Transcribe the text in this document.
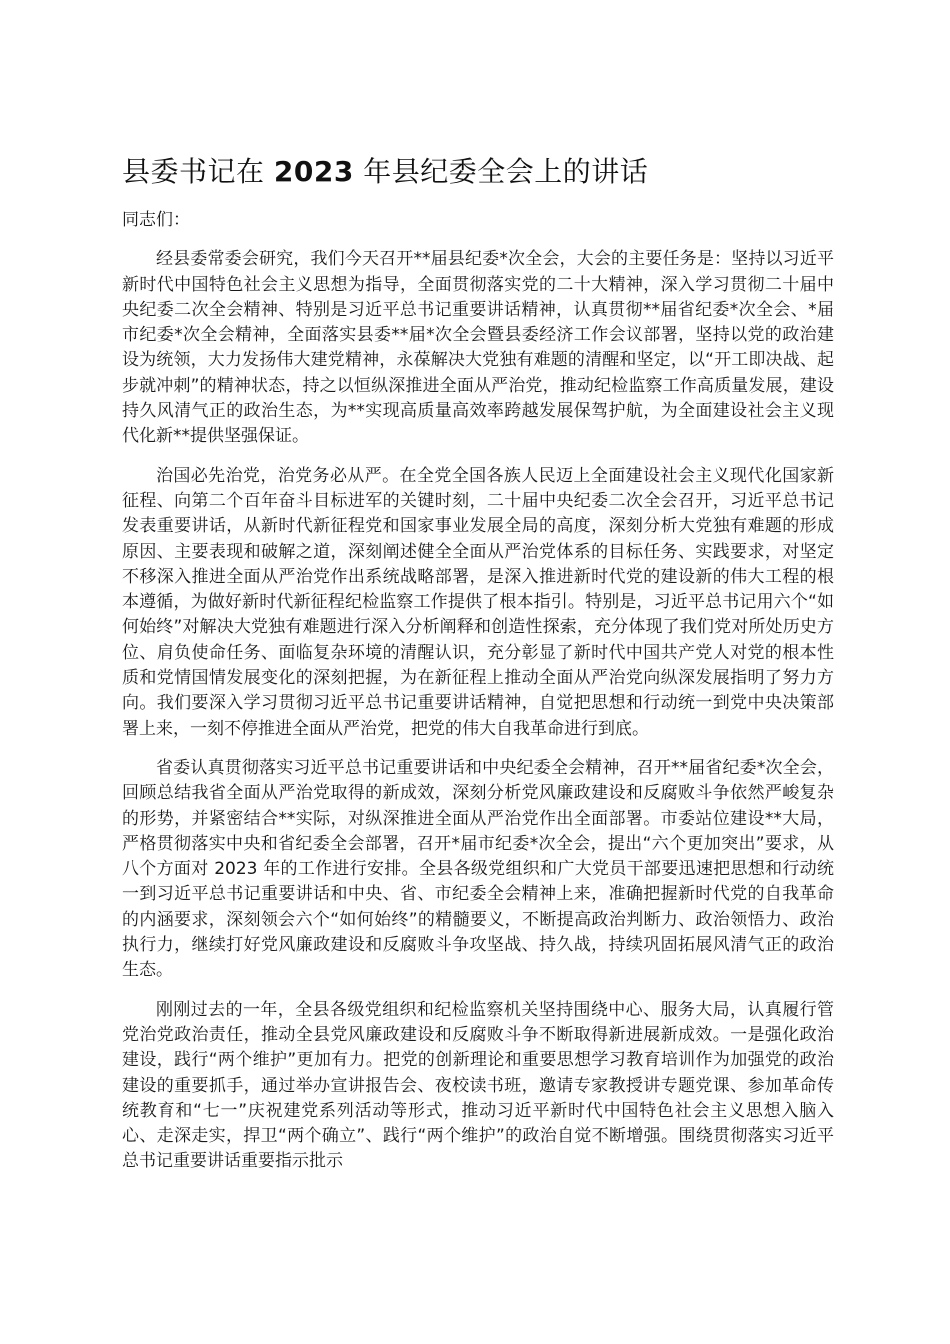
县委书记在 2023 年县纪委全会上的讲话

同志们：

经县委常委会研究，我们今天召开**届县纪委*次全会，大会的主要任务是：坚持以习近平新时代中国特色社会主义思想为指导，全面贯彻落实党的二十大精神，深入学习贯彻二十届中央纪委二次全会精神、特别是习近平总书记重要讲话精神，认真贯彻**届省纪委*次全会、*届市纪委*次全会精神，全面落实县委**届*次全会暨县委经济工作会议部署，坚持以党的政治建设为统领，大力发扬伟大建党精神，永葆解决大党独有难题的清醒和坚定，以“开工即决战、起步就冲刺”的精神状态，持之以恒纵深推进全面从严治党，推动纪检监察工作高质量发展，建设持久风清气正的政治生态，为**实现高质量高效率跨越发展保驾护航，为全面建设社会主义现代化新**提供坚强保证。

治国必先治党，治党务必从严。在全党全国各族人民迈上全面建设社会主义现代化国家新征程、向第二个百年奋斗目标进军的关键时刻，二十届中央纪委二次全会召开，习近平总书记发表重要讲话，从新时代新征程党和国家事业发展全局的高度，深刻分析大党独有难题的形成原因、主要表现和破解之道，深刻阐述健全全面从严治党体系的目标任务、实践要求，对坚定不移深入推进全面从严治党作出系统战略部署，是深入推进新时代党的建设新的伟大工程的根本遵循，为做好新时代新征程纪检监察工作提供了根本指引。特别是，习近平总书记用六个“如何始终”对解决大党独有难题进行深入分析阐释和创造性探索，充分体现了我们党对所处历史方位、肩负使命任务、面临复杂环境的清醒认识，充分彰显了新时代中国共产党人对党的根本性质和党情国情发展变化的深刻把握，为在新征程上推动全面从严治党向纵深发展指明了努力方向。我们要深入学习贯彻习近平总书记重要讲话精神，自觉把思想和行动统一到党中央决策部署上来，一刻不停推进全面从严治党，把党的伟大自我革命进行到底。

省委认真贯彻落实习近平总书记重要讲话和中央纪委全会精神，召开**届省纪委*次全会，回顾总结我省全面从严治党取得的新成效，深刻分析党风廉政建设和反腐败斗争依然严峻复杂的形势，并紧密结合**实际，对纵深推进全面从严治党作出全面部署。市委站位建设**大局，严格贯彻落实中央和省纪委全会部署，召开*届市纪委*次全会，提出“六个更加突出”要求，从八个方面对 2023 年的工作进行安排。全县各级党组织和广大党员干部要迅速把思想和行动统一到习近平总书记重要讲话和中央、省、市纪委全会精神上来，准确把握新时代党的自我革命的内涵要求，深刻领会六个“如何始终”的精髓要义，不断提高政治判断力、政治领悟力、政治执行力，继续打好党风廉政建设和反腐败斗争攻坚战、持久战，持续巩固拓展风清气正的政治生态。

刚刚过去的一年，全县各级党组织和纪检监察机关坚持围绕中心、服务大局，认真履行管党治党政治责任，推动全县党风廉政建设和反腐败斗争不断取得新进展新成效。一是强化政治建设，践行“两个维护”更加有力。把党的创新理论和重要思想学习教育培训作为加强党的政治建设的重要抓手，通过举办宣讲报告会、夜校读书班，邀请专家教授讲专题党课、参加革命传统教育和“七一”庆祝建党系列活动等形式，推动习近平新时代中国特色社会主义思想入脑入心、走深走实，捍卫“两个确立”、践行“两个维护”的政治自觉不断增强。围绕贯彻落实习近平总书记重要讲话重要指示批示
